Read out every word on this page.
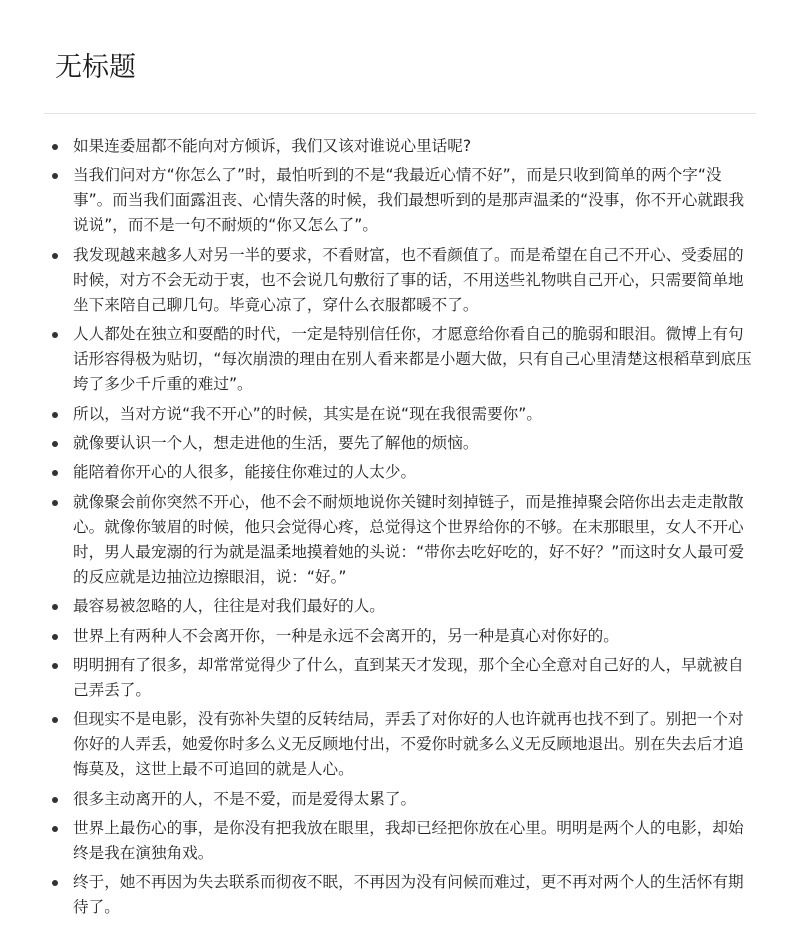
无标题
如果连委屈都不能向对方倾诉，我们又该对谁说心里话呢?
当我们问对方“你怎么了”时，最怕听到的不是“我最近心情不好”，而是只收到简单的两个字“没事”。而当我们面露沮丧、心情失落的时候，我们最想听到的是那声温柔的“没事，你不开心就跟我说说”，而不是一句不耐烦的“你又怎么了”。
我发现越来越多人对另一半的要求，不看财富，也不看颜值了。而是希望在自己不开心、受委屈的时候，对方不会无动于衷，也不会说几句敷衍了事的话，不用送些礼物哄自己开心，只需要简单地坐下来陪自己聊几句。毕竟心凉了，穿什么衣服都暖不了。
人人都处在独立和耍酷的时代，一定是特别信任你，才愿意给你看自己的脆弱和眼泪。微博上有句话形容得极为贴切，“每次崩溃的理由在别人看来都是小题大做，只有自己心里清楚这根稻草到底压垮了多少千斤重的难过”。
所以，当对方说“我不开心”的时候，其实是在说“现在我很需要你”。
就像要认识一个人，想走进他的生活，要先了解他的烦恼。
能陪着你开心的人很多，能接住你难过的人太少。
就像聚会前你突然不开心，他不会不耐烦地说你关键时刻掉链子，而是推掉聚会陪你出去走走散散心。就像你皱眉的时候，他只会觉得心疼，总觉得这个世界给你的不够。在末那眼里，女人不开心时，男人最宠溺的行为就是温柔地摸着她的头说：“带你去吃好吃的，好不好？”而这时女人最可爱的反应就是边抽泣边擦眼泪，说：“好。”
最容易被忽略的人，往往是对我们最好的人。
世界上有两种人不会离开你，一种是永远不会离开的，另一种是真心对你好的。
明明拥有了很多，却常常觉得少了什么，直到某天才发现，那个全心全意对自己好的人，早就被自己弄丢了。
但现实不是电影，没有弥补失望的反转结局，弄丢了对你好的人也许就再也找不到了。别把一个对你好的人弄丢，她爱你时多么义无反顾地付出，不爱你时就多么义无反顾地退出。别在失去后才追悔莫及，这世上最不可追回的就是人心。
很多主动离开的人，不是不爱，而是爱得太累了。
世界上最伤心的事，是你没有把我放在眼里，我却已经把你放在心里。明明是两个人的电影，却始终是我在演独角戏。
终于，她不再因为失去联系而彻夜不眠，不再因为没有问候而难过，更不再对两个人的生活怀有期待了。
